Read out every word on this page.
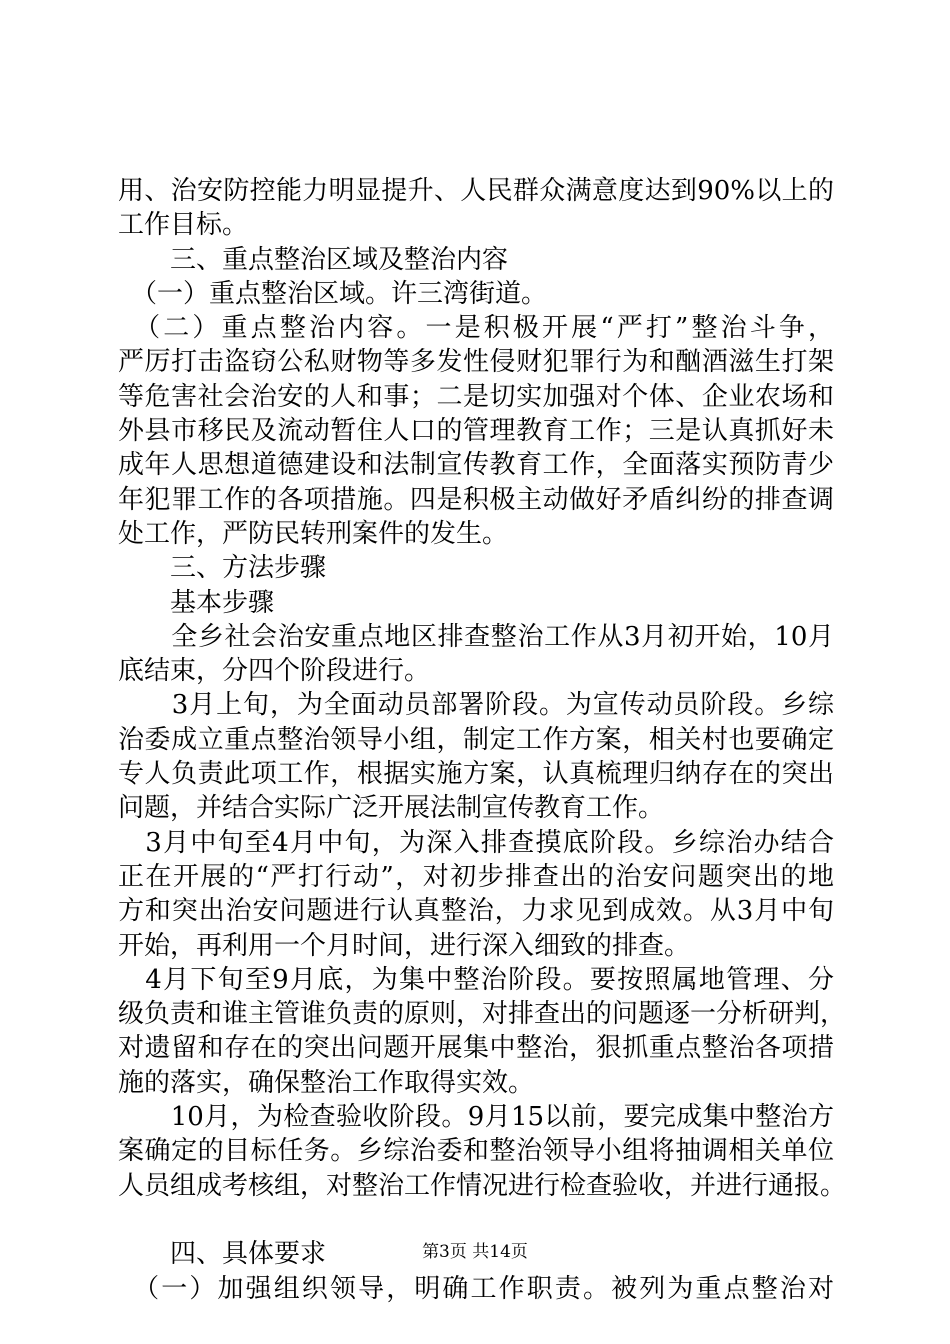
用、治安防控能力明显提升、人民群众满意度达到90%以上的
工作目标。
　　三、重点整治区域及整治内容
　（一）重点整治区域。许三湾街道。
　（二）重点整治内容。一是积极开展“严打”整治斗争，
严厉打击盗窃公私财物等多发性侵财犯罪行为和酗酒滋生打架
等危害社会治安的人和事；二是切实加强对个体、企业农场和
外县市移民及流动暂住人口的管理教育工作；三是认真抓好未
成年人思想道德建设和法制宣传教育工作，全面落实预防青少
年犯罪工作的各项措施。四是积极主动做好矛盾纠纷的排查调
处工作，严防民转刑案件的发生。
　　三、方法步骤
　　基本步骤
　　全乡社会治安重点地区排查整治工作从3月初开始，10月
底结束，分四个阶段进行。
　　3月上旬，为全面动员部署阶段。为宣传动员阶段。乡综
治委成立重点整治领导小组，制定工作方案，相关村也要确定
专人负责此项工作，根据实施方案，认真梳理归纳存在的突出
问题，并结合实际广泛开展法制宣传教育工作。
　3月中旬至4月中旬，为深入排查摸底阶段。乡综治办结合
正在开展的“严打行动”，对初步排查出的治安问题突出的地
方和突出治安问题进行认真整治，力求见到成效。从3月中旬
开始，再利用一个月时间，进行深入细致的排查。
　4月下旬至9月底，为集中整治阶段。要按照属地管理、分
级负责和谁主管谁负责的原则，对排查出的问题逐一分析研判，
对遗留和存在的突出问题开展集中整治，狠抓重点整治各项措
施的落实，确保整治工作取得实效。
　　10月，为检查验收阶段。9月15以前，要完成集中整治方
案确定的目标任务。乡综治委和整治领导小组将抽调相关单位
人员组成考核组，对整治工作情况进行检查验收，并进行通报。
　　四、具体要求
　（一）加强组织领导，明确工作职责。被列为重点整治对
第3页 共14页
